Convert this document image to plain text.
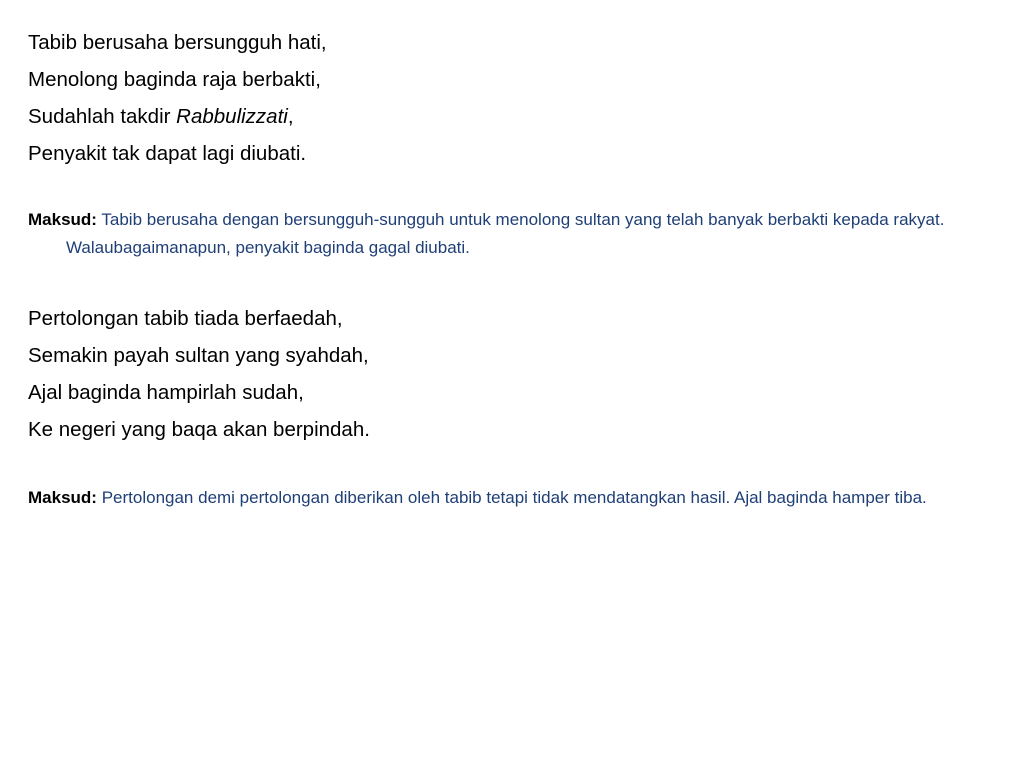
Tabib berusaha bersungguh hati,
Menolong baginda raja berbakti,
Sudahlah takdir Rabbulizzati,
Penyakit tak dapat lagi diubati.
Maksud: Tabib berusaha dengan bersungguh-sungguh untuk menolong sultan yang telah banyak berbakti kepada rakyat. Walaubagaimanapun, penyakit baginda gagal diubati.
Pertolongan tabib tiada berfaedah,
Semakin payah sultan yang syahdah,
Ajal baginda hampirlah sudah,
Ke negeri yang baqa akan berpindah.
Maksud: Pertolongan demi pertolongan diberikan oleh tabib tetapi tidak mendatangkan hasil. Ajal baginda hamper tiba.
